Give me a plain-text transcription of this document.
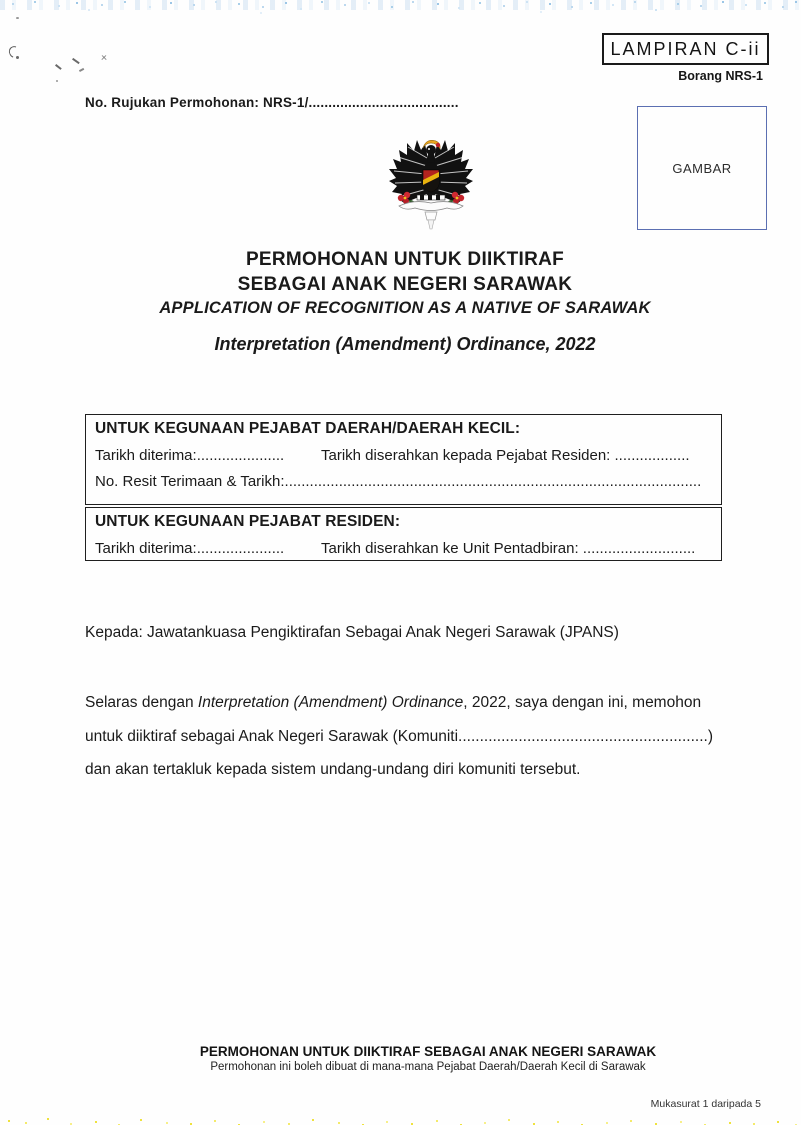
LAMPIRAN C-ii
Borang NRS-1
No. Rujukan Permohonan: NRS-1/......................................
GAMBAR
PERMOHONAN UNTUK DIIKTIRAF
SEBAGAI ANAK NEGERI SARAWAK
APPLICATION OF RECOGNITION AS A NATIVE OF SARAWAK
Interpretation (Amendment) Ordinance, 2022
UNTUK KEGUNAAN PEJABAT DAERAH/DAERAH KECIL:
Tarikh diterima:..................... Tarikh diserahkan kepada Pejabat Residen: ..................
No. Resit Terimaan & Tarikh:....................................................................................................
UNTUK KEGUNAAN PEJABAT RESIDEN:
Tarikh diterima:..................... Tarikh diserahkan ke Unit Pentadbiran: ...........................
Kepada: Jawatankuasa Pengiktirafan Sebagai Anak Negeri Sarawak (JPANS)
Selaras dengan Interpretation (Amendment) Ordinance, 2022, saya dengan ini, memohon
untuk diiktiraf sebagai Anak Negeri Sarawak (Komuniti..........................................................)
dan akan tertakluk kepada sistem undang-undang diri komuniti tersebut.
PERMOHONAN UNTUK DIIKTIRAF SEBAGAI ANAK NEGERI SARAWAK
Permohonan ini boleh dibuat di mana-mana Pejabat Daerah/Daerah Kecil di Sarawak
Mukasurat 1 daripada 5
